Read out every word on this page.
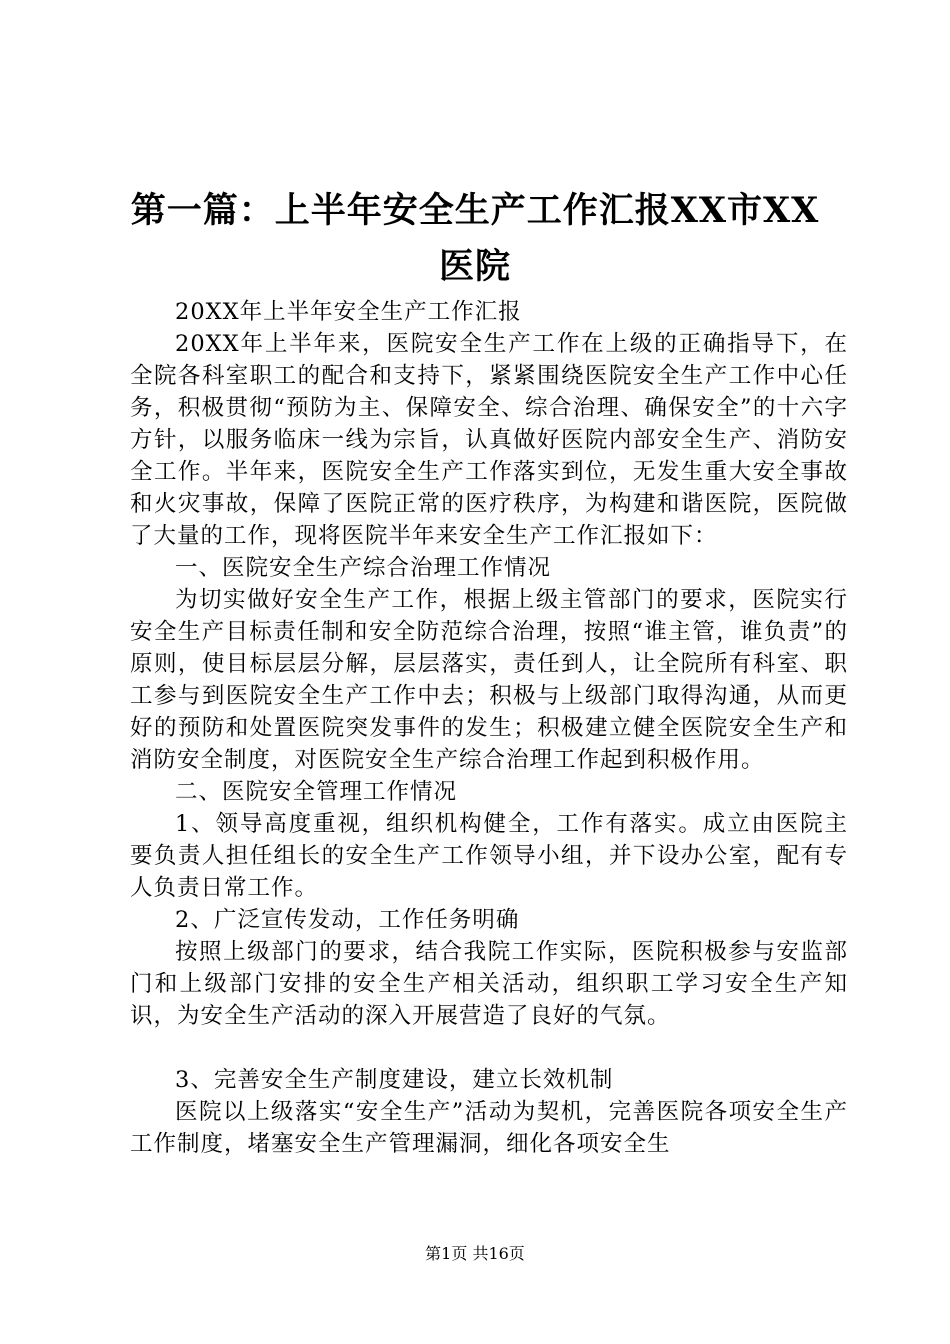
第一篇：上半年安全生产工作汇报XX市XX医院

20XX年上半年安全生产工作汇报

20XX年上半年来，医院安全生产工作在上级的正确指导下，在全院各科室职工的配合和支持下，紧紧围绕医院安全生产工作中心任务，积极贯彻“预防为主、保障安全、综合治理、确保安全”的十六字方针，以服务临床一线为宗旨，认真做好医院内部安全生产、消防安全工作。半年来，医院安全生产工作落实到位，无发生重大安全事故和火灾事故，保障了医院正常的医疗秩序，为构建和谐医院，医院做了大量的工作，现将医院半年来安全生产工作汇报如下：

一、医院安全生产综合治理工作情况

为切实做好安全生产工作，根据上级主管部门的要求，医院实行安全生产目标责任制和安全防范综合治理，按照“谁主管，谁负责”的原则，使目标层层分解，层层落实，责任到人，让全院所有科室、职工参与到医院安全生产工作中去；积极与上级部门取得沟通，从而更好的预防和处置医院突发事件的发生；积极建立健全医院安全生产和消防安全制度，对医院安全生产综合治理工作起到积极作用。

二、医院安全管理工作情况

1、领导高度重视，组织机构健全，工作有落实。成立由医院主要负责人担任组长的安全生产工作领导小组，并下设办公室，配有专人负责日常工作。

2、广泛宣传发动，工作任务明确

按照上级部门的要求，结合我院工作实际，医院积极参与安监部门和上级部门安排的安全生产相关活动，组织职工学习安全生产知识，为安全生产活动的深入开展营造了良好的气氛。

3、完善安全生产制度建设，建立长效机制

医院以上级落实“安全生产”活动为契机，完善医院各项安全生产工作制度，堵塞安全生产管理漏洞，细化各项安全生

第1页 共16页
